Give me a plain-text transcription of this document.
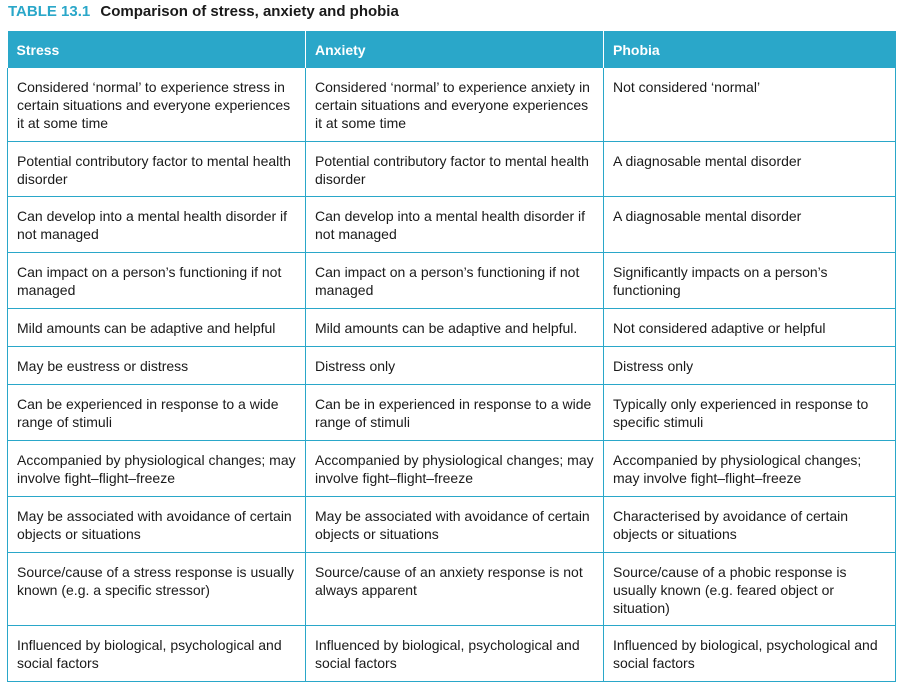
TABLE 13.1 Comparison of stress, anxiety and phobia
Stress	Anxiety	Phobia
Considered ‘normal’ to experience stress in certain situations and everyone experiences it at some time	Considered ‘normal’ to experience anxiety in certain situations and everyone experiences it at some time	Not considered ‘normal’
Potential contributory factor to mental health disorder	Potential contributory factor to mental health disorder	A diagnosable mental disorder
Can develop into a mental health disorder if not managed	Can develop into a mental health disorder if not managed	A diagnosable mental disorder
Can impact on a person’s functioning if not managed	Can impact on a person’s functioning if not managed	Significantly impacts on a person’s functioning
Mild amounts can be adaptive and helpful	Mild amounts can be adaptive and helpful.	Not considered adaptive or helpful
May be eustress or distress	Distress only	Distress only
Can be experienced in response to a wide range of stimuli	Can be in experienced in response to a wide range of stimuli	Typically only experienced in response to specific stimuli
Accompanied by physiological changes; may involve fight–flight–freeze	Accompanied by physiological changes; may involve fight–flight–freeze	Accompanied by physiological changes; may involve fight–flight–freeze
May be associated with avoidance of certain objects or situations	May be associated with avoidance of certain objects or situations	Characterised by avoidance of certain objects or situations
Source/cause of a stress response is usually known (e.g. a specific stressor)	Source/cause of an anxiety response is not always apparent	Source/cause of a phobic response is usually known (e.g. feared object or situation)
Influenced by biological, psychological and social factors	Influenced by biological, psychological and social factors	Influenced by biological, psychological and social factors
